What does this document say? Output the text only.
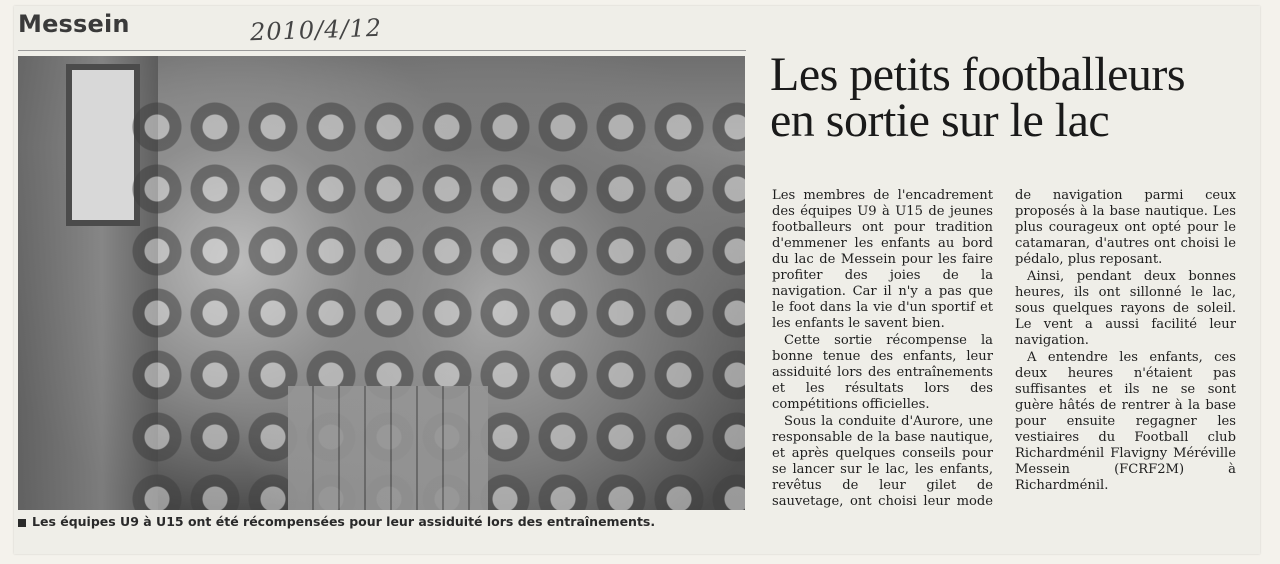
Messein	2010/4/12
Les équipes U9 à U15 ont été récompensées pour leur assiduité lors des entraînements.
Les petits footballeurs en sortie sur le lac

Les membres de l'encadrement des équipes U9 à U15 de jeunes footballeurs ont pour tradition d'emmener les enfants au bord du lac de Messein pour les faire profiter des joies de la navigation. Car il n'y a pas que le foot dans la vie d'un sportif et les enfants le savent bien.

Cette sortie récompense la bonne tenue des enfants, leur assiduité lors des entraînements et les résultats lors des compétitions officielles.

Sous la conduite d'Aurore, une responsable de la base nautique, et après quelques conseils pour se lancer sur le lac, les enfants, revêtus de leur gilet de sauvetage, ont choisi leur mode de navigation parmi ceux proposés à la base nautique. Les plus courageux ont opté pour le catamaran, d'autres ont choisi le pédalo, plus reposant.

Ainsi, pendant deux bonnes heures, ils ont sillonné le lac, sous quelques rayons de soleil. Le vent a aussi facilité leur navigation.

A entendre les enfants, ces deux heures n'étaient pas suffisantes et ils ne se sont guère hâtés de rentrer à la base pour ensuite regagner les vestiaires du Football club Richardménil Flavigny Méréville Messein (FCRF2M) à Richardménil.
